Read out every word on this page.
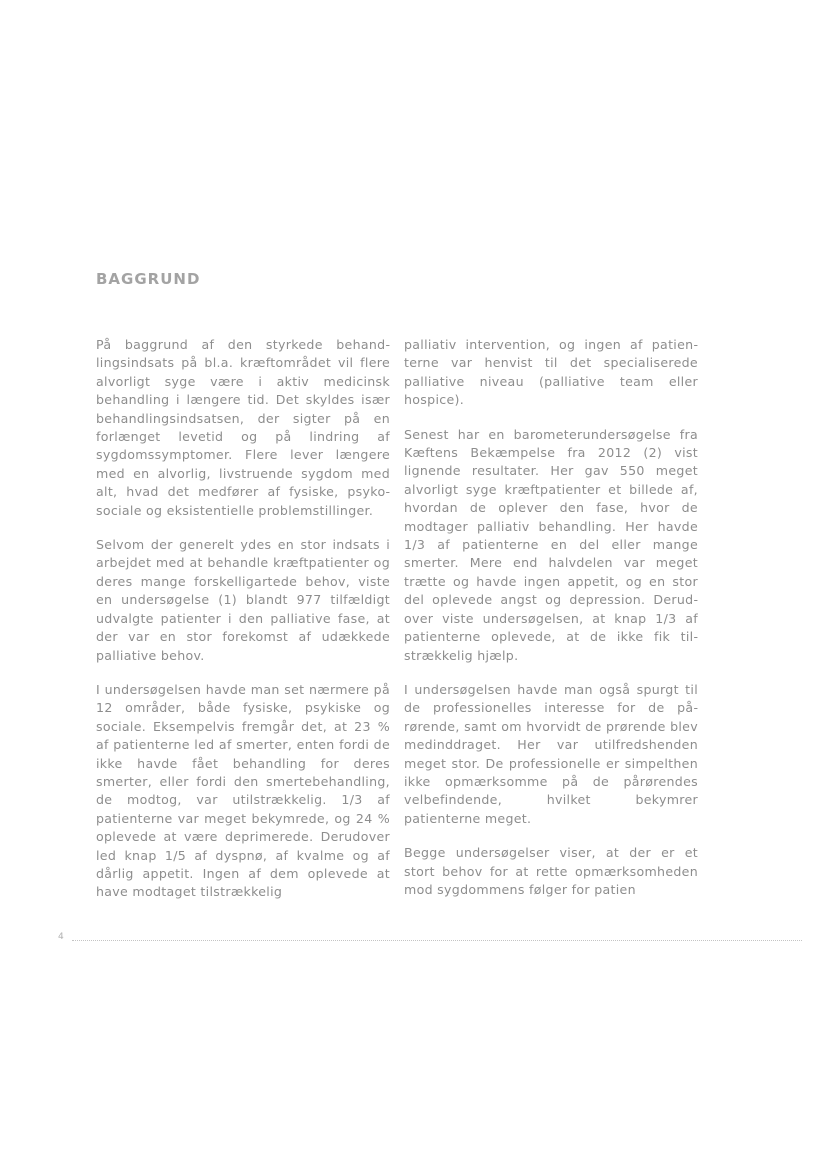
BAGGRUND

På baggrund af den styrkede behandlingsindsats på bl.a. kræftområdet vil flere alvorligt syge være i aktiv medicinsk behandling i længere tid. Det skyldes især behandlingsindsatsen, der sigter på en forlænget levetid og på lindring af sygdomssymptomer. Flere lever længere med en alvorlig, livstruende sygdom med alt, hvad det medfører af fysiske, psykosociale og eksistentielle problemstillinger.

Selvom der generelt ydes en stor indsats i arbejdet med at behandle kræftpatienter og deres mange forskelligartede behov, viste en undersøgelse (1) blandt 977 tilfældigt udvalgte patienter i den palliative fase, at der var en stor forekomst af udækkede palliative behov.

I undersøgelsen havde man set nærmere på 12 områder, både fysiske, psykiske og sociale. Eksempelvis fremgår det, at 23 % af patienterne led af smerter, enten fordi de ikke havde fået behandling for deres smerter, eller fordi den smertebehandling, de modtog, var utilstrækkelig. 1/3 af patienterne var meget bekymrede, og 24 % oplevede at være deprimerede. Derudover led knap 1/5 af dyspnø, af kvalme og af dårlig appetit. Ingen af dem oplevede at have modtaget tilstrækkelig

palliativ intervention, og ingen af patienterne var henvist til det specialiserede palliative niveau (palliative team eller hospice).

Senest har en barometerundersøgelse fra Kæftens Bekæmpelse fra 2012 (2) vist lignende resultater. Her gav 550 meget alvorligt syge kræftpatienter et billede af, hvordan de oplever den fase, hvor de modtager palliativ behandling. Her havde 1/3 af patienterne en del eller mange smerter. Mere end halvdelen var meget trætte og havde ingen appetit, og en stor del oplevede angst og depression. Derudover viste undersøgelsen, at knap 1/3 af patienterne oplevede, at de ikke fik tilstrækkelig hjælp.

I undersøgelsen havde man også spurgt til de professionelles interesse for de pårørende, samt om hvorvidt de prørende blev medinddraget. Her var utilfredshenden meget stor. De professionelle er simpelthen ikke opmærksomme på de pårørendes velbefindende, hvilket bekymrer patienterne meget.

Begge undersøgelser viser, at der er et stort behov for at rette opmærksomheden mod sygdommens følger for patien

4
